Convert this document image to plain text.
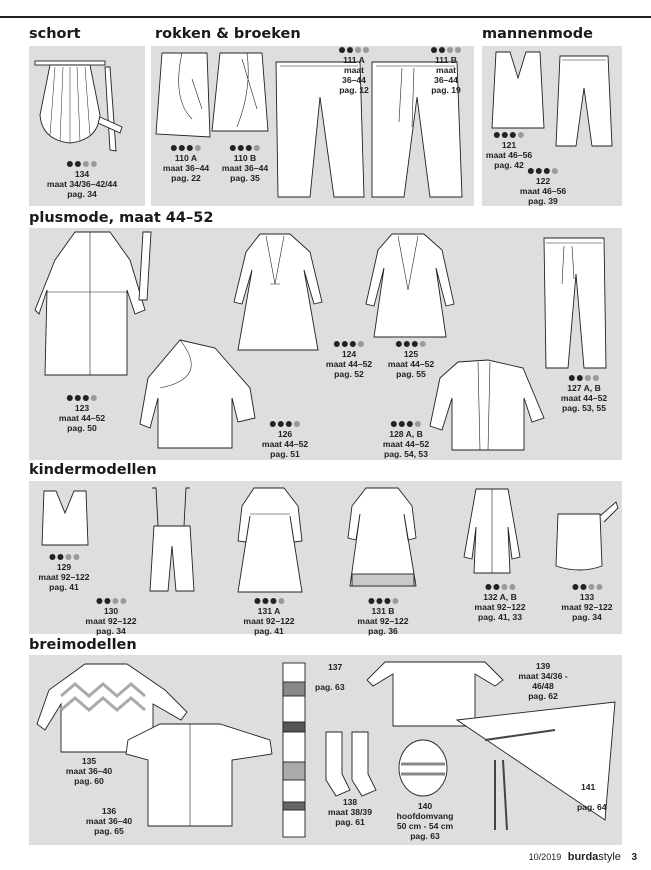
schort	rokken & broeken	mannenmode
plusmode, maat 44–52
kindermodellen
breimodellen
134
maat 34/36–42/44
pag. 34
110 A
maat 36–44
pag. 22
110 B
maat 36–44
pag. 35
111 A
maat
36–44
pag. 12
111 B
maat
36–44
pag. 19
121
maat 46–56
pag. 42
122
maat 46–56
pag. 39
123
maat 44–52
pag. 50
124
maat 44–52
pag. 52
125
maat 44–52
pag. 55
126
maat 44–52
pag. 51
127 A, B
maat 44–52
pag. 53, 55
128 A, B
maat 44–52
pag. 54, 53
129
maat 92–122
pag. 41
130
maat 92–122
pag. 34
131 A
maat 92–122
pag. 41
131 B
maat 92–122
pag. 36
132 A, B
maat 92–122
pag. 41, 33
133
maat 92–122
pag. 34
135
maat 36–40
pag. 60
136
maat 36–40
pag. 65
137
pag. 63
138
maat 38/39
pag. 61
139
maat 34/36 -
46/48
pag. 62
140
hoofdomvang
50 cm - 54 cm
pag. 63
141
pag. 64
10/2019 burdastyle 3
